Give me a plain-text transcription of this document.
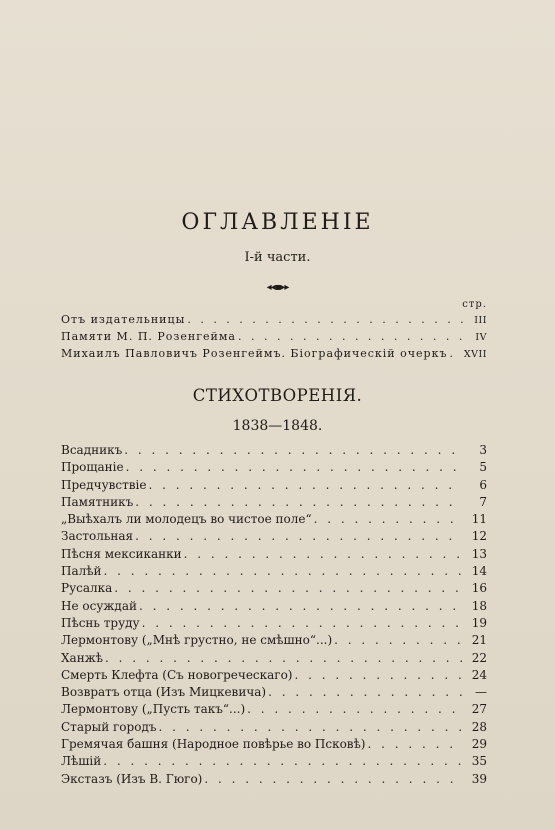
ОГЛАВЛЕНІЕ
І-й части.
◂◂▪▸▸
стр.
Отъ издательницы . . .	III
Памяти М. П. Розенгейма . . .	IV
Михаилъ Павловичъ Розенгеймъ. Біографическій очеркъ . . . XVII
СТИХОТВОРЕНІЯ.
1838—1848.
Всадникъ . . .	3
Прощаніе . . .	5
Предчувствіе . . .	6
Памятникъ . . .	7
„Выѣхалъ ли молодецъ во чистое поле“ . . .	11
Застольная . . .	12
Пѣсня мексиканки . . .	13
Палѣй . . .	14
Русалка . . .	16
Не осуждай . . .	18
Пѣснь труду . . .	19
Лермонтову („Мнѣ грустно, не смѣшно“...) . . .	21
Ханжѣ . . .	22
Смерть Клефта (Съ новогреческаго) . . .	24
Возвратъ отца (Изъ Мицкевича) . . .	—
Лермонтову („Пусть такъ“...) . . .	27
Старый городъ . . .	28
Гремячая башня (Народное повѣрье во Псковѣ) . . .	29
Лѣшій . . .	35
Экстазъ (Изъ В. Гюго) . . .	39
